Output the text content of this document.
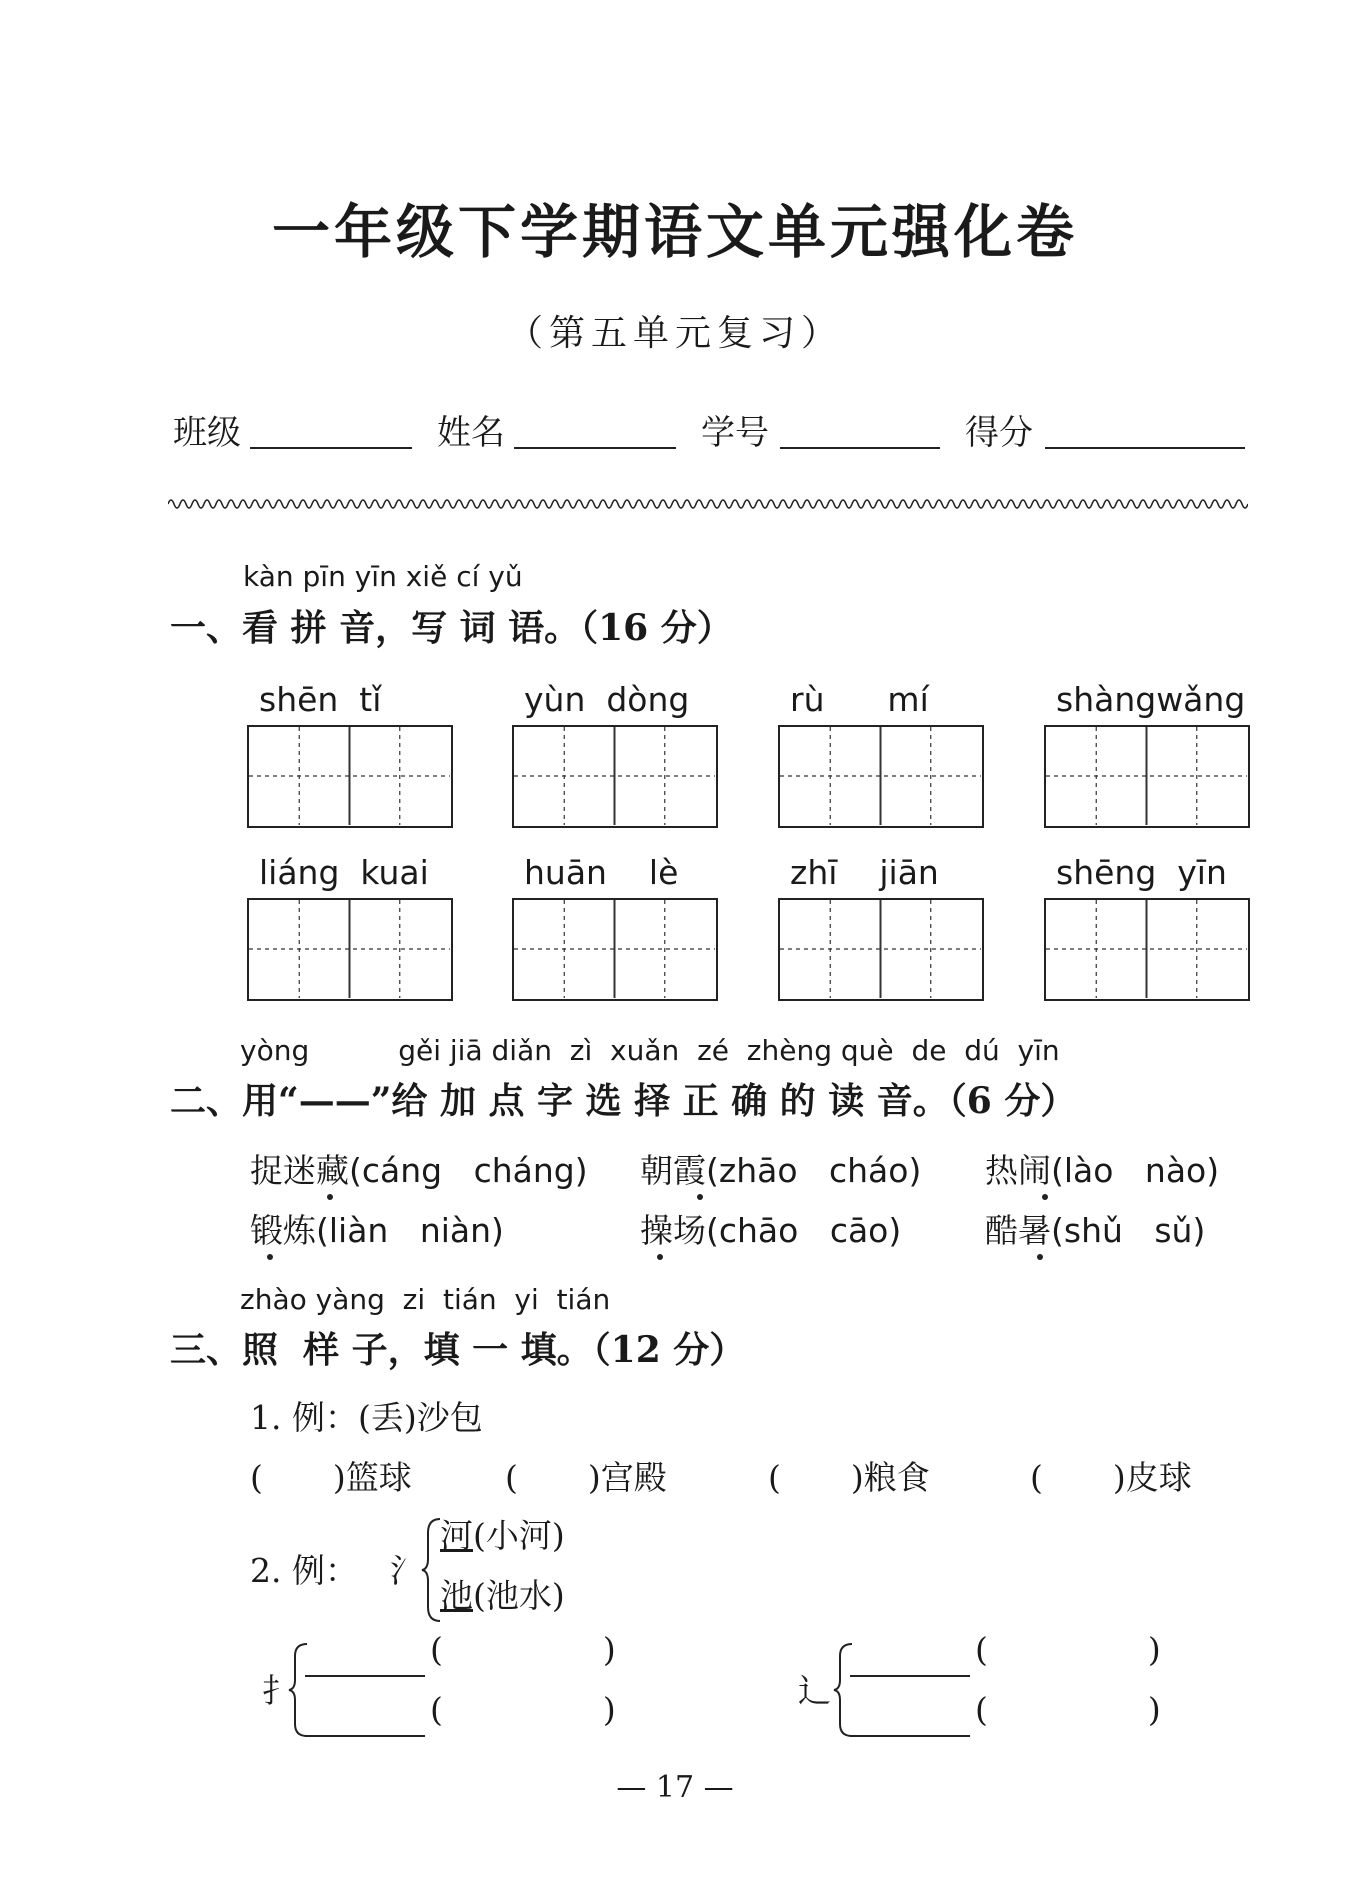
一年级下学期语文单元强化卷
（第五单元复习）
班级	姓名	学号	得分
kàn pīn yīn xiě cí yǔ
一、看 拼 音，写 词 语。（16 分）
shēn  tǐ	yùn  dòng	rù      mí	shàngwǎng
liáng  kuai	huān    lè	zhī    jiān	shēng  yīn
yòng          gěi jiā diǎn  zì  xuǎn  zé  zhèng què  de  dú  yīn
二、用“——”给 加 点 字 选 择 正 确 的 读 音。（6 分）
捉迷藏(cáng   cháng) 朝霞(zhāo   cháo) 热闹(lào   nào)
锻炼(liàn   niàn)	操场(chāo   cāo)	酷暑(shǔ   sǔ)
zhào yàng  zi  tián  yi  tián
三、照  样 子，填 一 填。（12 分）
1. 例：(丢)沙包
( )篮球	( )宫殿	( )粮食	( )皮球
2. 例： 氵
河(小河)
池(池水)
扌
(	)
(	)	辶
(	)
(	)
— 17 —
